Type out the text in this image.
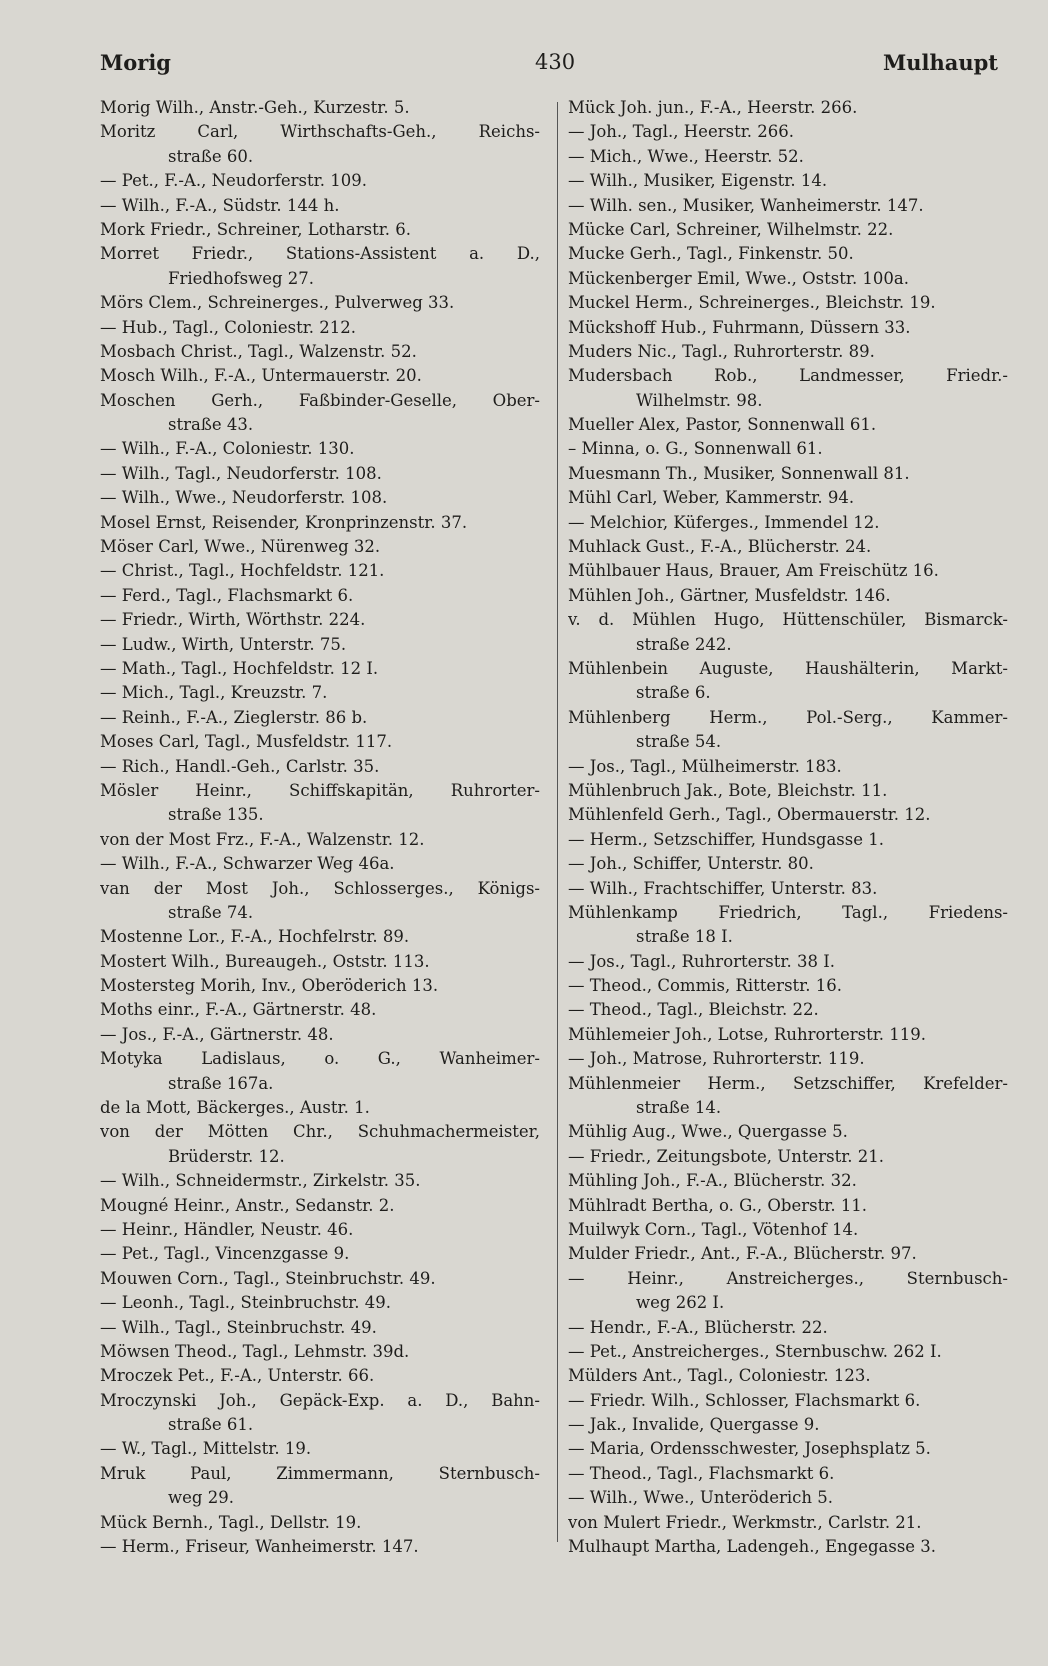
Morig	430	Mulhaupt
Morig Wilh., Anstr.-Geh., Kurzestr. 5.
Moritz Carl, Wirthschafts-Geh., Reichs-
straße 60.
— Pet., F.-A., Neudorferstr. 109.
— Wilh., F.-A., Südstr. 144 h.
Mork Friedr., Schreiner, Lotharstr. 6.
Morret Friedr., Stations-Assistent a. D.,
Friedhofsweg 27.
Mörs Clem., Schreinerges., Pulverweg 33.
— Hub., Tagl., Coloniestr. 212.
Mosbach Christ., Tagl., Walzenstr. 52.
Mosch Wilh., F.-A., Untermauerstr. 20.
Moschen Gerh., Faßbinder-Geselle, Ober-
straße 43.
— Wilh., F.-A., Coloniestr. 130.
— Wilh., Tagl., Neudorferstr. 108.
— Wilh., Wwe., Neudorferstr. 108.
Mosel Ernst, Reisender, Kronprinzenstr. 37.
Möser Carl, Wwe., Nürenweg 32.
— Christ., Tagl., Hochfeldstr. 121.
— Ferd., Tagl., Flachsmarkt 6.
— Friedr., Wirth, Wörthstr. 224.
— Ludw., Wirth, Unterstr. 75.
— Math., Tagl., Hochfeldstr. 12 I.
— Mich., Tagl., Kreuzstr. 7.
— Reinh., F.-A., Zieglerstr. 86 b.
Moses Carl, Tagl., Musfeldstr. 117.
— Rich., Handl.-Geh., Carlstr. 35.
Mösler Heinr., Schiffskapitän, Ruhrorter-
straße 135.
von der Most Frz., F.-A., Walzenstr. 12.
— Wilh., F.-A., Schwarzer Weg 46a.
van der Most Joh., Schlosserges., Königs-
straße 74.
Mostenne Lor., F.-A., Hochfelrstr. 89.
Mostert Wilh., Bureaugeh., Oststr. 113.
Mostersteg Morih, Inv., Oberöderich 13.
Moths einr., F.-A., Gärtnerstr. 48.
— Jos., F.-A., Gärtnerstr. 48.
Motyka Ladislaus, o. G., Wanheimer-
straße 167a.
de la Mott, Bäckerges., Austr. 1.
von der Mötten Chr., Schuhmachermeister,
Brüderstr. 12.
— Wilh., Schneidermstr., Zirkelstr. 35.
Mougné Heinr., Anstr., Sedanstr. 2.
— Heinr., Händler, Neustr. 46.
— Pet., Tagl., Vincenzgasse 9.
Mouwen Corn., Tagl., Steinbruchstr. 49.
— Leonh., Tagl., Steinbruchstr. 49.
— Wilh., Tagl., Steinbruchstr. 49.
Möwsen Theod., Tagl., Lehmstr. 39d.
Mroczek Pet., F.-A., Unterstr. 66.
Mroczynski Joh., Gepäck-Exp. a. D., Bahn-
straße 61.
— W., Tagl., Mittelstr. 19.
Mruk Paul, Zimmermann, Sternbusch-
weg 29.
Mück Bernh., Tagl., Dellstr. 19.
— Herm., Friseur, Wanheimerstr. 147.
Mück Joh. jun., F.-A., Heerstr. 266.
— Joh., Tagl., Heerstr. 266.
— Mich., Wwe., Heerstr. 52.
— Wilh., Musiker, Eigenstr. 14.
— Wilh. sen., Musiker, Wanheimerstr. 147.
Mücke Carl, Schreiner, Wilhelmstr. 22.
Mucke Gerh., Tagl., Finkenstr. 50.
Mückenberger Emil, Wwe., Oststr. 100a.
Muckel Herm., Schreinerges., Bleichstr. 19.
Mückshoff Hub., Fuhrmann, Düssern 33.
Muders Nic., Tagl., Ruhrorterstr. 89.
Mudersbach Rob., Landmesser, Friedr.-
Wilhelmstr. 98.
Mueller Alex, Pastor, Sonnenwall 61.
– Minna, o. G., Sonnenwall 61.
Muesmann Th., Musiker, Sonnenwall 81.
Mühl Carl, Weber, Kammerstr. 94.
— Melchior, Küferges., Immendel 12.
Muhlack Gust., F.-A., Blücherstr. 24.
Mühlbauer Haus, Brauer, Am Freischütz 16.
Mühlen Joh., Gärtner, Musfeldstr. 146.
v. d. Mühlen Hugo, Hüttenschüler, Bismarck-
straße 242.
Mühlenbein Auguste, Haushälterin, Markt-
straße 6.
Mühlenberg Herm., Pol.-Serg., Kammer-
straße 54.
— Jos., Tagl., Mülheimerstr. 183.
Mühlenbruch Jak., Bote, Bleichstr. 11.
Mühlenfeld Gerh., Tagl., Obermauerstr. 12.
— Herm., Setzschiffer, Hundsgasse 1.
— Joh., Schiffer, Unterstr. 80.
— Wilh., Frachtschiffer, Unterstr. 83.
Mühlenkamp Friedrich, Tagl., Friedens-
straße 18 I.
— Jos., Tagl., Ruhrorterstr. 38 I.
— Theod., Commis, Ritterstr. 16.
— Theod., Tagl., Bleichstr. 22.
Mühlemeier Joh., Lotse, Ruhrorterstr. 119.
— Joh., Matrose, Ruhrorterstr. 119.
Mühlenmeier Herm., Setzschiffer, Krefelder-
straße 14.
Mühlig Aug., Wwe., Quergasse 5.
— Friedr., Zeitungsbote, Unterstr. 21.
Mühling Joh., F.-A., Blücherstr. 32.
Mühlradt Bertha, o. G., Oberstr. 11.
Muilwyk Corn., Tagl., Vötenhof 14.
Mulder Friedr., Ant., F.-A., Blücherstr. 97.
— Heinr., Anstreicherges., Sternbusch-
weg 262 I.
— Hendr., F.-A., Blücherstr. 22.
— Pet., Anstreicherges., Sternbuschw. 262 I.
Mülders Ant., Tagl., Coloniestr. 123.
— Friedr. Wilh., Schlosser, Flachsmarkt 6.
— Jak., Invalide, Quergasse 9.
— Maria, Ordensschwester, Josephsplatz 5.
— Theod., Tagl., Flachsmarkt 6.
— Wilh., Wwe., Unteröderich 5.
von Mulert Friedr., Werkmstr., Carlstr. 21.
Mulhaupt Martha, Ladengeh., Engegasse 3.
